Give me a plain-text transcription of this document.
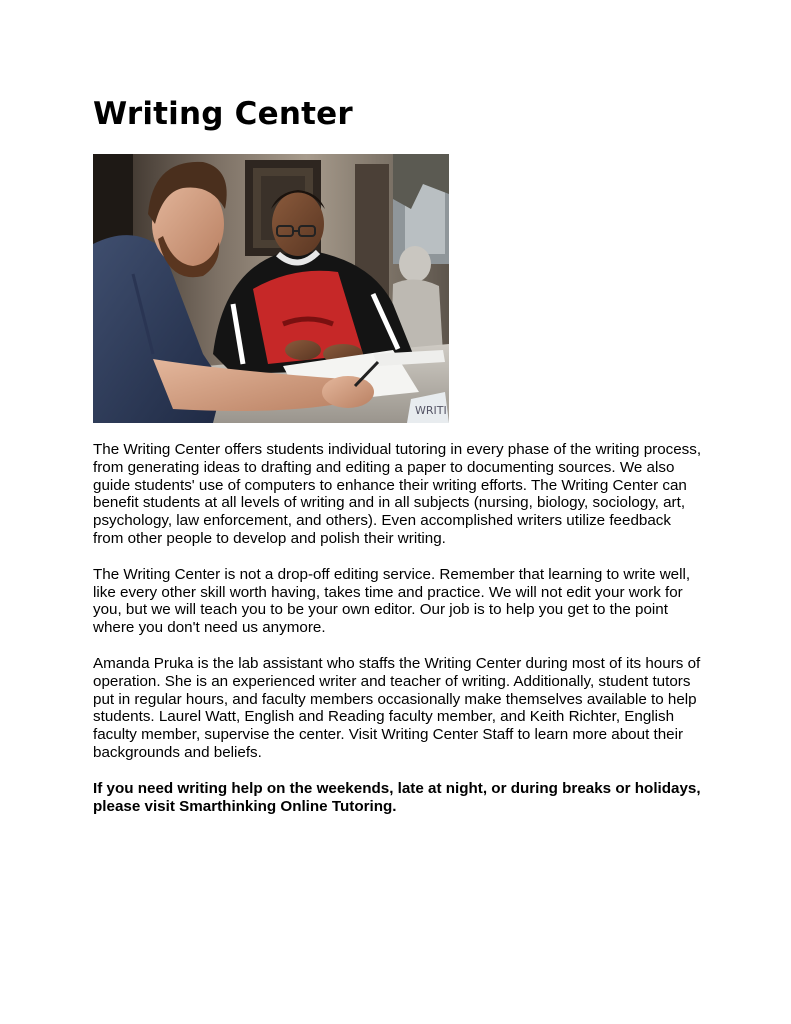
Writing Center
WRITI

The Writing Center offers students individual tutoring in every phase of the writing process, from generating ideas to drafting and editing a paper to documenting sources. We also guide students' use of computers to enhance their writing efforts. The Writing Center can benefit students at all levels of writing and in all subjects (nursing, biology, sociology, art, psychology, law enforcement, and others). Even accomplished writers utilize feedback from other people to develop and polish their writing.

The Writing Center is not a drop-off editing service. Remember that learning to write well, like every other skill worth having, takes time and practice. We will not edit your work for you, but we will teach you to be your own editor. Our job is to help you get to the point where you don't need us anymore.

Amanda Pruka is the lab assistant who staffs the Writing Center during most of its hours of operation. She is an experienced writer and teacher of writing. Additionally, student tutors put in regular hours, and faculty members occasionally make themselves available to help students. Laurel Watt, English and Reading faculty member, and Keith Richter, English faculty member, supervise the center. Visit Writing Center Staff to learn more about their backgrounds and beliefs.

If you need writing help on the weekends, late at night, or during breaks or holidays, please visit Smarthinking Online Tutoring.
